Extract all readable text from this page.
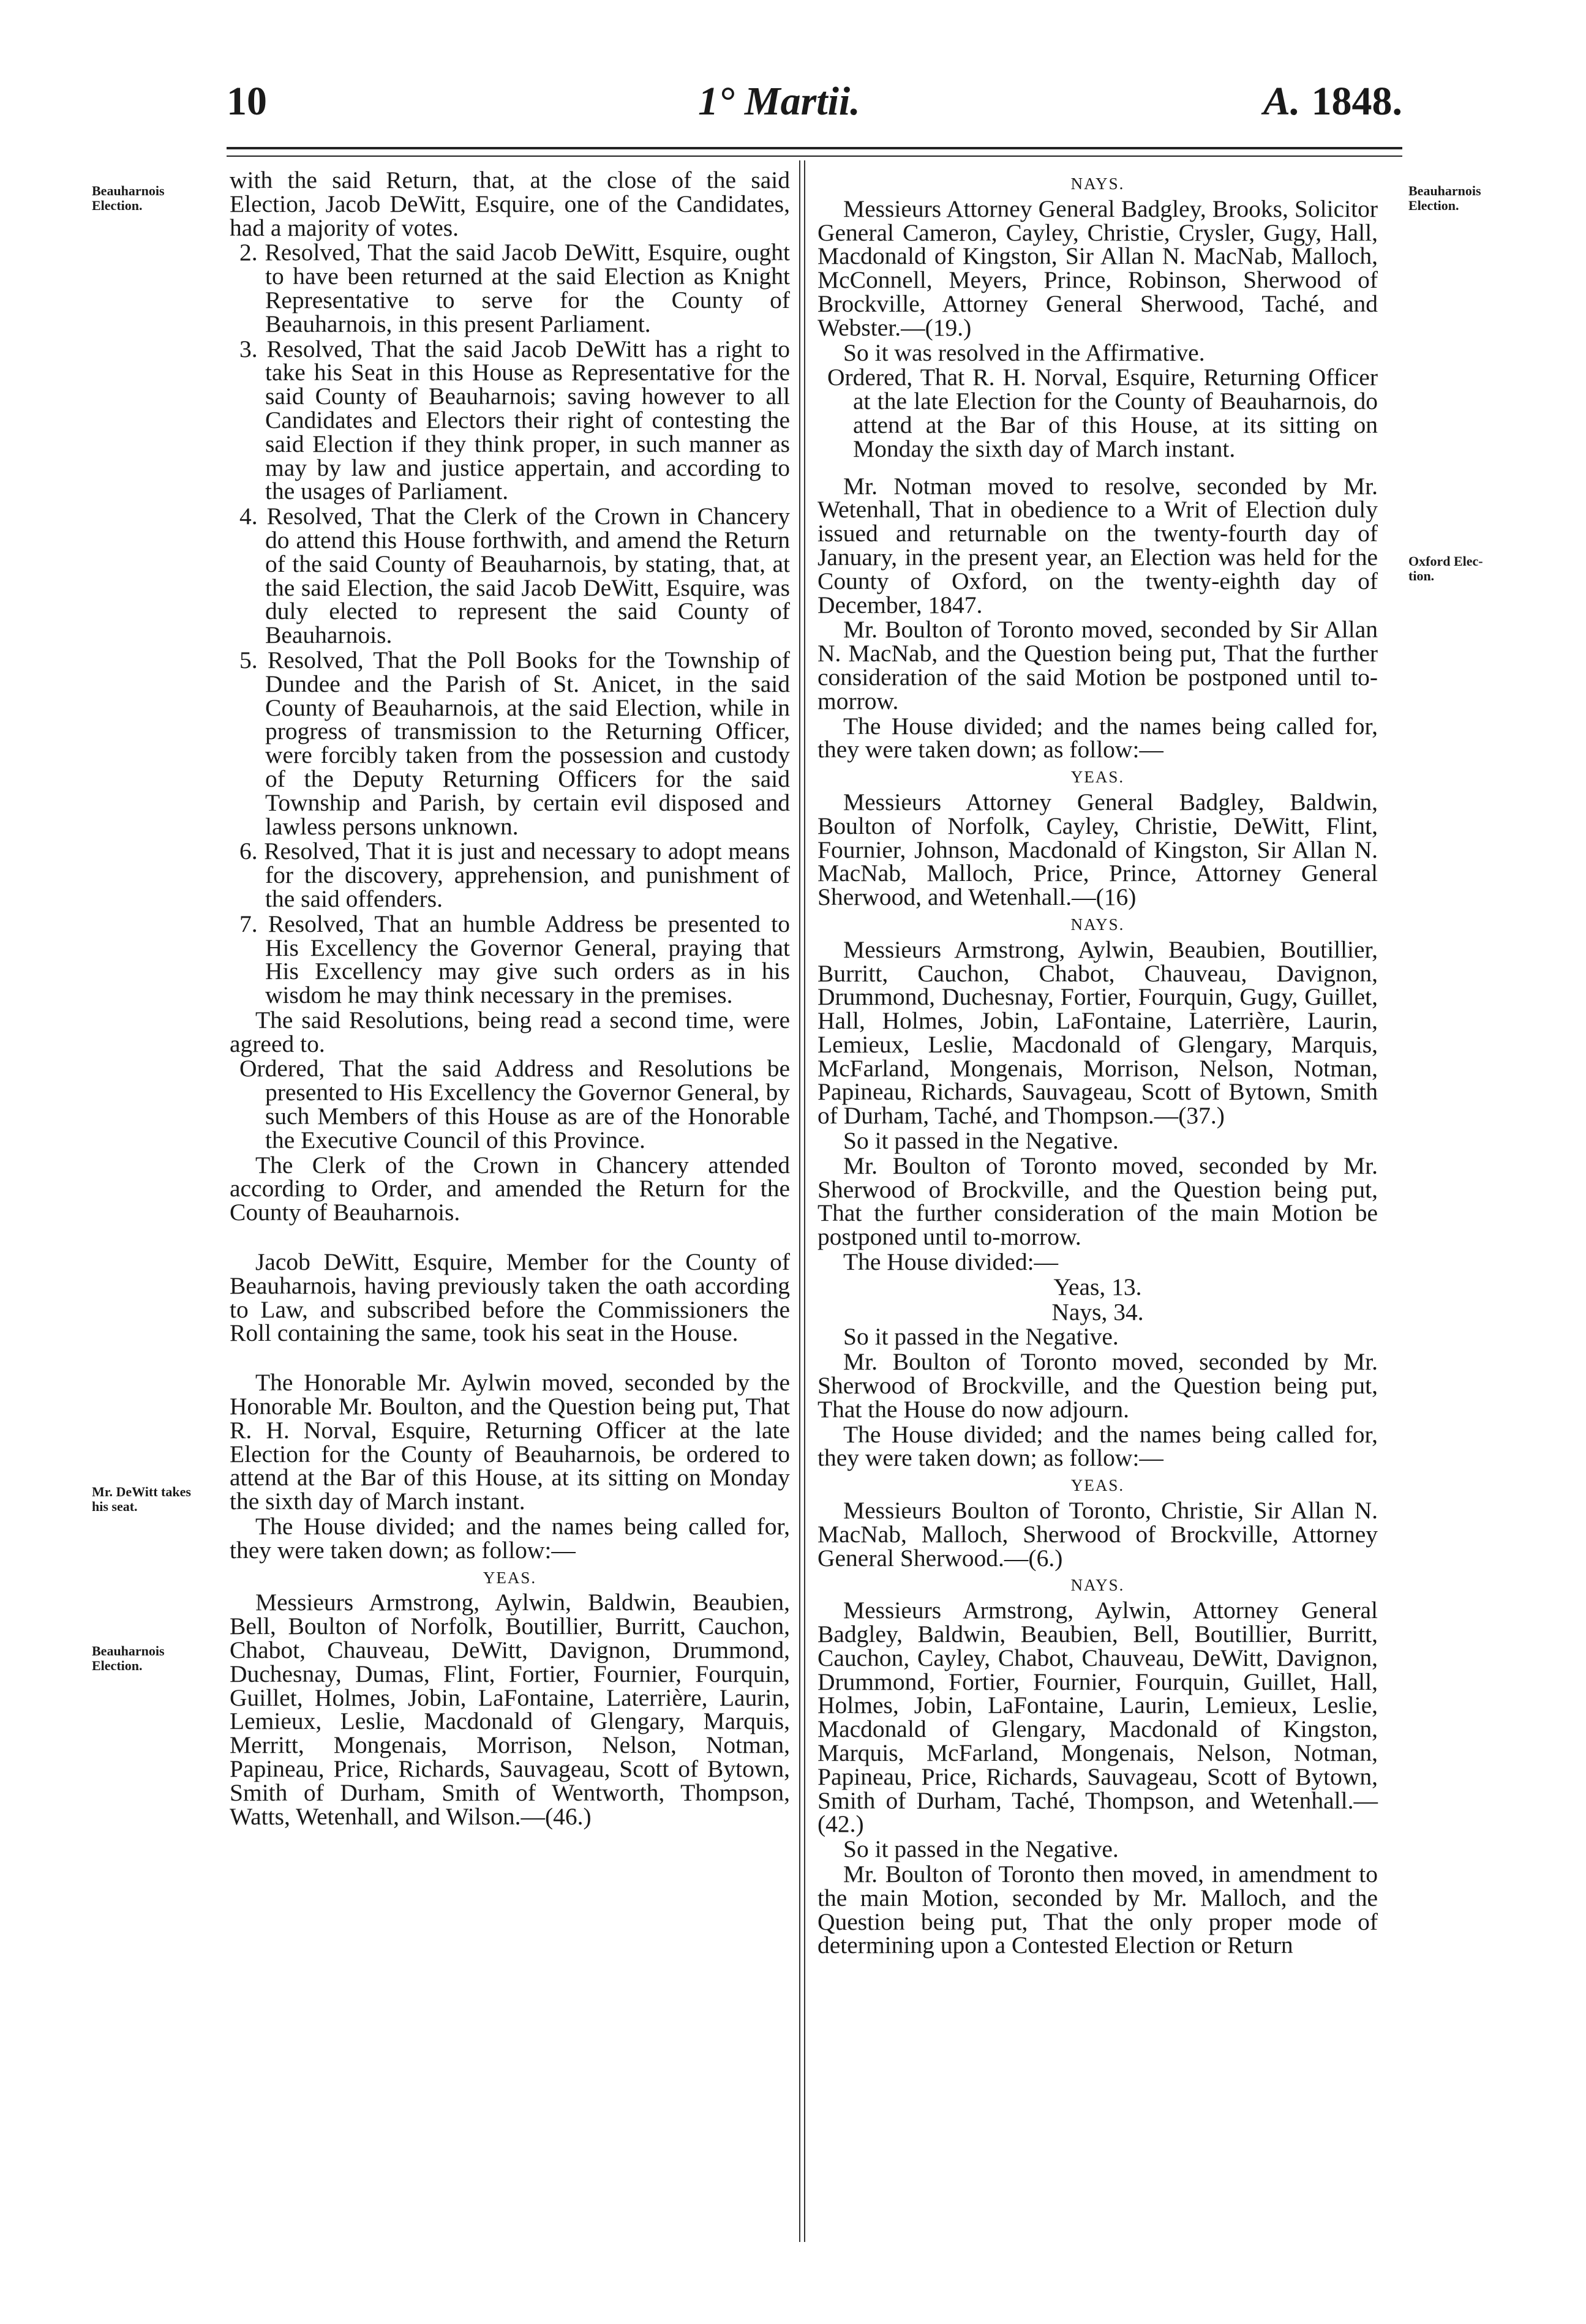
10	1° Martii.	A. 1848.
Beauharnois Election.
Mr. DeWitt takes his seat.
Beauharnois Election.
Beauharnois Election.
Oxford Elec- tion.

with the said Return, that, at the close of the said Election, Jacob DeWitt, Esquire, one of the Candidates, had a majority of votes.

2. Resolved, That the said Jacob DeWitt, Esquire, ought to have been returned at the said Election as Knight Representative to serve for the County of Beauharnois, in this present Parliament.

3. Resolved, That the said Jacob DeWitt has a right to take his Seat in this House as Representative for the said County of Beauharnois; saving however to all Candidates and Electors their right of contesting the said Election if they think proper, in such manner as may by law and justice appertain, and according to the usages of Parliament.

4. Resolved, That the Clerk of the Crown in Chancery do attend this House forthwith, and amend the Return of the said County of Beauharnois, by stating, that, at the said Election, the said Jacob DeWitt, Esquire, was duly elected to represent the said County of Beauharnois.

5. Resolved, That the Poll Books for the Township of Dundee and the Parish of St. Anicet, in the said County of Beauharnois, at the said Election, while in progress of transmission to the Returning Officer, were forcibly taken from the possession and custody of the Deputy Returning Officers for the said Township and Parish, by certain evil disposed and lawless persons unknown.

6. Resolved, That it is just and necessary to adopt means for the discovery, apprehension, and punishment of the said offenders.

7. Resolved, That an humble Address be presented to His Excellency the Governor General, praying that His Excellency may give such orders as in his wisdom he may think necessary in the premises.

The said Resolutions, being read a second time, were agreed to.

Ordered, That the said Address and Resolutions be presented to His Excellency the Governor General, by such Members of this House as are of the Honorable the Executive Council of this Province.

The Clerk of the Crown in Chancery attended according to Order, and amended the Return for the County of Beauharnois.

Jacob DeWitt, Esquire, Member for the County of Beauharnois, having previously taken the oath according to Law, and subscribed before the Commissioners the Roll containing the same, took his seat in the House.

The Honorable Mr. Aylwin moved, seconded by the Honorable Mr. Boulton, and the Question being put, That R. H. Norval, Esquire, Returning Officer at the late Election for the County of Beauharnois, be ordered to attend at the Bar of this House, at its sitting on Monday the sixth day of March instant.

The House divided; and the names being called for, they were taken down; as follow:—

YEAS.

Messieurs Armstrong, Aylwin, Baldwin, Beaubien, Bell, Boulton of Norfolk, Boutillier, Burritt, Cauchon, Chabot, Chauveau, DeWitt, Davignon, Drummond, Duchesnay, Dumas, Flint, Fortier, Fournier, Fourquin, Guillet, Holmes, Jobin, LaFontaine, Laterrière, Laurin, Lemieux, Leslie, Macdonald of Glengary, Marquis, Merritt, Mongenais, Morrison, Nelson, Notman, Papineau, Price, Richards, Sauvageau, Scott of Bytown, Smith of Durham, Smith of Wentworth, Thompson, Watts, Wetenhall, and Wilson.—(46.)

NAYS.

Messieurs Attorney General Badgley, Brooks, Solicitor General Cameron, Cayley, Christie, Crysler, Gugy, Hall, Macdonald of Kingston, Sir Allan N. MacNab, Malloch, McConnell, Meyers, Prince, Robinson, Sherwood of Brockville, Attorney General Sherwood, Taché, and Webster.—(19.)

So it was resolved in the Affirmative.

Ordered, That R. H. Norval, Esquire, Returning Officer at the late Election for the County of Beauharnois, do attend at the Bar of this House, at its sitting on Monday the sixth day of March instant.

Mr. Notman moved to resolve, seconded by Mr. Wetenhall, That in obedience to a Writ of Election duly issued and returnable on the twenty-fourth day of January, in the present year, an Election was held for the County of Oxford, on the twenty-eighth day of December, 1847.

Mr. Boulton of Toronto moved, seconded by Sir Allan N. MacNab, and the Question being put, That the further consideration of the said Motion be postponed until to-morrow.

The House divided; and the names being called for, they were taken down; as follow:—

YEAS.

Messieurs Attorney General Badgley, Baldwin, Boulton of Norfolk, Cayley, Christie, DeWitt, Flint, Fournier, Johnson, Macdonald of Kingston, Sir Allan N. MacNab, Malloch, Price, Prince, Attorney General Sherwood, and Wetenhall.—(16)

NAYS.

Messieurs Armstrong, Aylwin, Beaubien, Boutillier, Burritt, Cauchon, Chabot, Chauveau, Davignon, Drummond, Duchesnay, Fortier, Fourquin, Gugy, Guillet, Hall, Holmes, Jobin, LaFontaine, Laterrière, Laurin, Lemieux, Leslie, Macdonald of Glengary, Marquis, McFarland, Mongenais, Morrison, Nelson, Notman, Papineau, Richards, Sauvageau, Scott of Bytown, Smith of Durham, Taché, and Thompson.—(37.)

So it passed in the Negative.

Mr. Boulton of Toronto moved, seconded by Mr. Sherwood of Brockville, and the Question being put, That the further consideration of the main Motion be postponed until to-morrow.

The House divided:—

Yeas, 13.

Nays, 34.

So it passed in the Negative.

Mr. Boulton of Toronto moved, seconded by Mr. Sherwood of Brockville, and the Question being put, That the House do now adjourn.

The House divided; and the names being called for, they were taken down; as follow:—

YEAS.

Messieurs Boulton of Toronto, Christie, Sir Allan N. MacNab, Malloch, Sherwood of Brockville, Attorney General Sherwood.—(6.)

NAYS.

Messieurs Armstrong, Aylwin, Attorney General Badgley, Baldwin, Beaubien, Bell, Boutillier, Burritt, Cauchon, Cayley, Chabot, Chauveau, DeWitt, Davignon, Drummond, Fortier, Fournier, Fourquin, Guillet, Hall, Holmes, Jobin, LaFontaine, Laurin, Lemieux, Leslie, Macdonald of Glengary, Macdonald of Kingston, Marquis, McFarland, Mongenais, Nelson, Notman, Papineau, Price, Richards, Sauvageau, Scott of Bytown, Smith of Durham, Taché, Thompson, and Wetenhall.—(42.)

So it passed in the Negative.

Mr. Boulton of Toronto then moved, in amendment to the main Motion, seconded by Mr. Malloch, and the Question being put, That the only proper mode of determining upon a Contested Election or Return
